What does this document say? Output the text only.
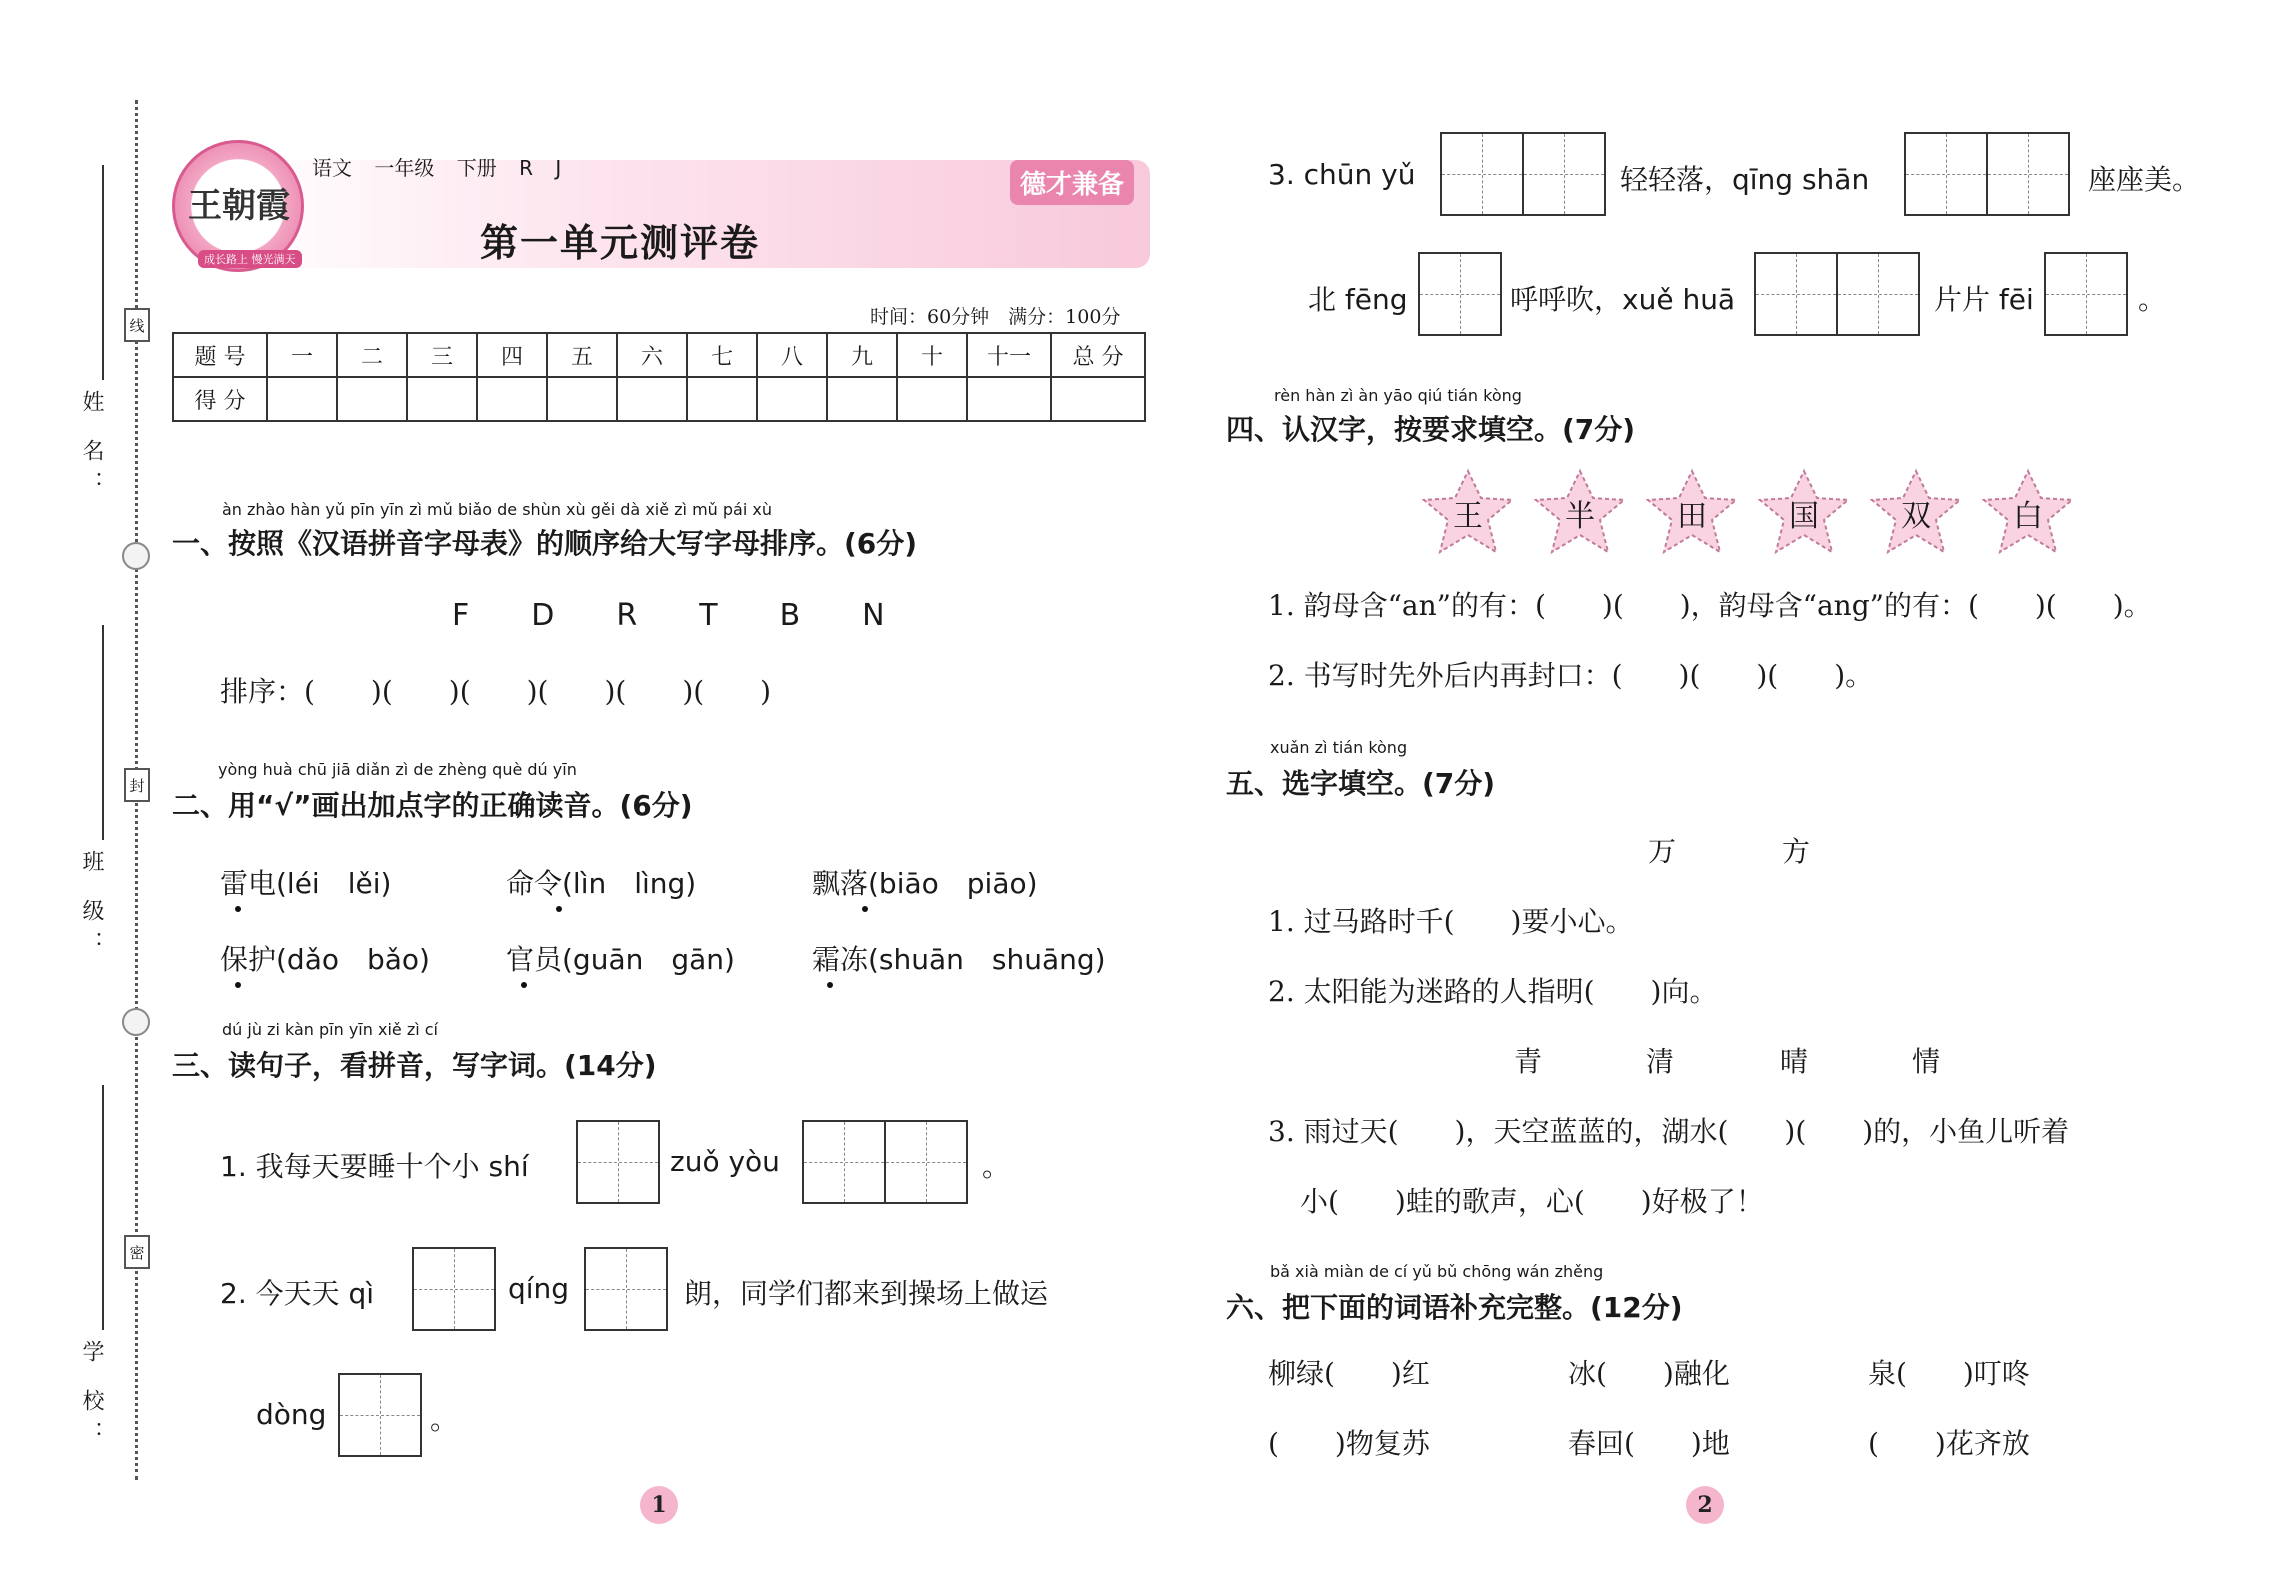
姓 名：
线
班 级：
封
学 校：
密
王朝霞
成长路上 慢光满天
语文 一年级 下册 R J
第一单元测评卷
德才兼备
时间：60分钟　满分：100分
题 号	一	二	三	四	五	六	七	八	九	十	十一	总 分
得 分												
àn zhào hàn yǔ pīn yīn zì mǔ biǎo de shùn xù gěi dà xiě zì mǔ pái xù
一、按照《汉语拼音字母表》的顺序给大写字母排序。(6分)
F D R T B N
排序：(　　)(　　)(　　)(　　)(　　)(　　)
yòng huà chū jiā diǎn zì de zhèng què dú yīn
二、用“√”画出加点字的正确读音。(6分)
雷电(léi　lěi)	命令(lìn　lìng)	飘落(biāo　piāo)
保护(dǎo　bǎo)	官员(guān　gān)	霜冻(shuān　shuāng)
dú jù zi kàn pīn yīn xiě zì cí
三、读句子，看拼音，写字词。(14分)
1. 我每天要睡十个小 shí	zuǒ yòu	。
2. 今天天 qì	qíng	朗，同学们都来到操场上做运
dòng	。
3. chūn yǔ	轻轻落，qīng shān	座座美。
北 fēng	呼呼吹，xuě huā	片片 fēi	。
rèn hàn zì àn yāo qiú tián kòng
四、认汉字，按要求填空。(7分)
王	半	田	国	双	白
1. 韵母含“an”的有：(　　)(　　)，韵母含“ang”的有：(　　)(　　)。
2. 书写时先外后内再封口：(　　)(　　)(　　)。
xuǎn zì tián kòng
五、选字填空。(7分)
万	方
1. 过马路时千(　　)要小心。
2. 太阳能为迷路的人指明(　　)向。
青	清	晴	情
3. 雨过天(　　)，天空蓝蓝的，湖水(　　)(　　)的，小鱼儿听着
小(　　)蛙的歌声，心(　　)好极了！
bǎ xià miàn de cí yǔ bǔ chōng wán zhěng
六、把下面的词语补充完整。(12分)
柳绿(　　)红	冰(　　)融化	泉(　　)叮咚
(　　)物复苏	春回(　　)地	(　　)花齐放
1	2
